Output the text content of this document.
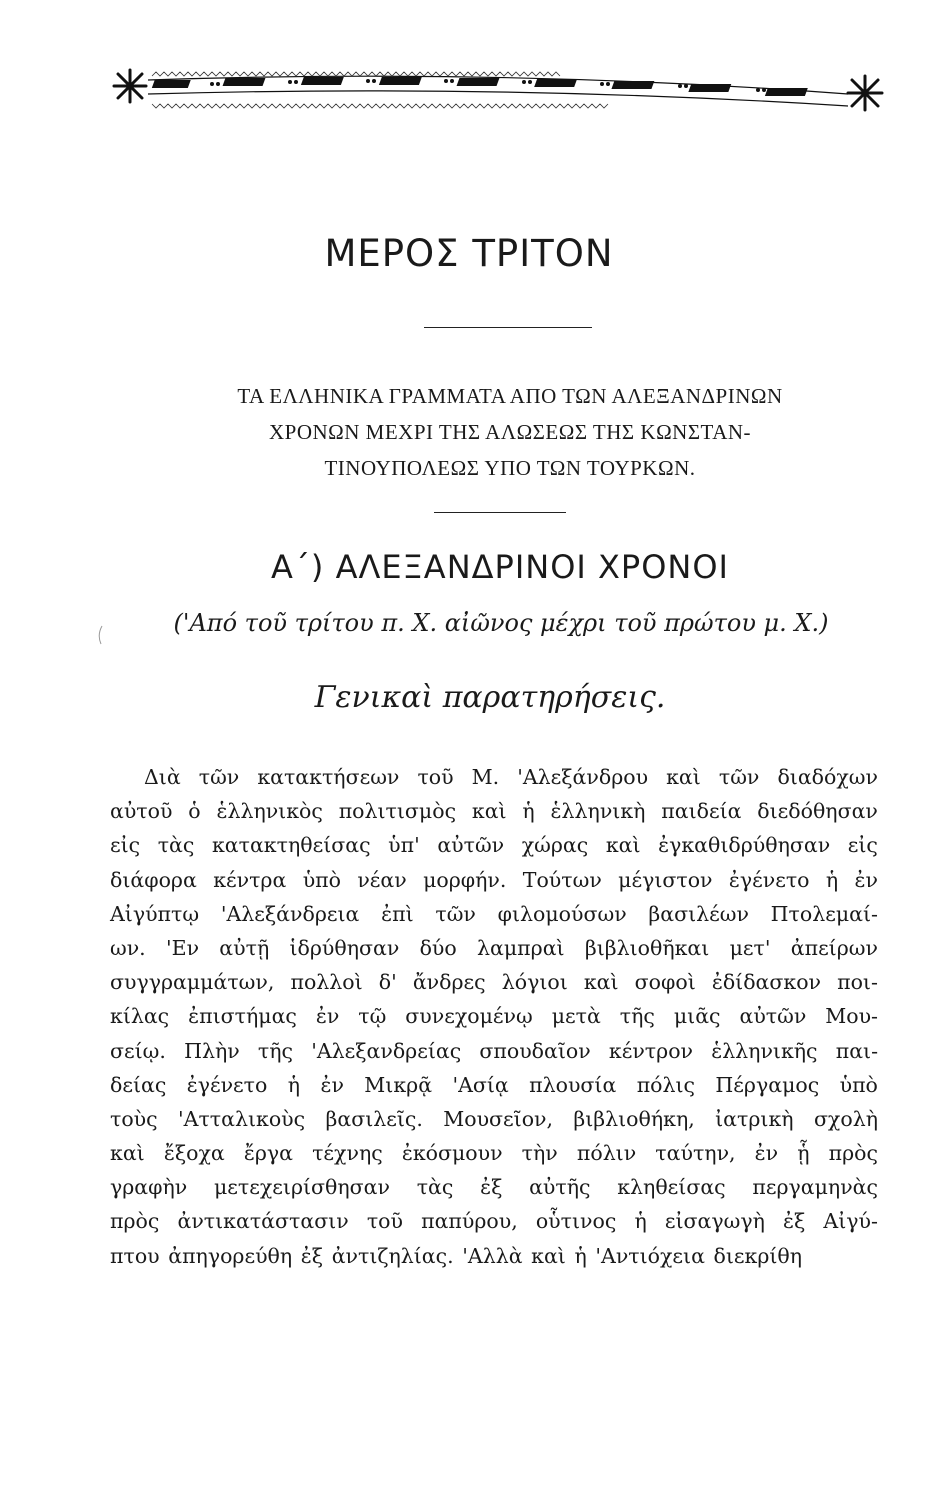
ΜΕΡΟΣ ΤΡΙΤΟΝ
ΤΑ ΕΛΛΗΝΙΚΑ ΓΡΑΜΜΑΤΑ ΑΠΟ ΤΩΝ ΑΛΕΞΑΝΔΡΙΝΩΝ
ΧΡΟΝΩΝ ΜΕΧΡΙ ΤΗΣ ΑΛΩΣΕΩΣ ΤΗΣ ΚΩΝΣΤΑΝ-
ΤΙΝΟΥΠΟΛΕΩΣ ΥΠΟ ΤΩΝ ΤΟΥΡΚΩΝ.
Α΄) ΑΛΕΞΑΝΔΡΙΝΟΙ ΧΡΟΝΟΙ
('Από τοῦ τρίτου π. Χ. αἰῶνος μέχρι τοῦ πρώτου μ. Χ.)
Γενικαὶ παρατηρήσεις.
Διὰ τῶν κατακτήσεων τοῦ Μ. 'Αλεξάνδρου καὶ τῶν διαδόχων
αὐτοῦ ὁ ἑλληνικὸς πολιτισμὸς καὶ ἡ ἑλληνικὴ παιδεία διεδόθησαν
εἰς τὰς κατακτηθείσας ὑπ' αὐτῶν χώρας καὶ ἐγκαθιδρύθησαν εἰς
διάφορα κέντρα ὑπὸ νέαν μορφήν. Τούτων μέγιστον ἐγένετο ἡ ἐν
Αἰγύπτῳ 'Αλεξάνδρεια ἐπὶ τῶν φιλομούσων βασιλέων Πτολεμαί-
ων. 'Εν αὐτῇ ἱδρύθησαν δύο λαμπραὶ βιβλιοθῆκαι μετ' ἀπείρων
συγγραμμάτων, πολλοὶ δ' ἄνδρες λόγιοι καὶ σοφοὶ ἐδίδασκον ποι-
κίλας ἐπιστήμας ἐν τῷ συνεχομένῳ μετὰ τῆς μιᾶς αὐτῶν Μου-
σείῳ. Πλὴν τῆς 'Αλεξανδρείας σπουδαῖον κέντρον ἑλληνικῆς παι-
δείας ἐγένετο ἡ ἐν Μικρᾷ 'Ασίᾳ πλουσία πόλις Πέργαμος ὑπὸ
τοὺς 'Ατταλικοὺς βασιλεῖς. Μουσεῖον, βιβλιοθήκη, ἰατρικὴ σχολὴ
καὶ ἔξοχα ἔργα τέχνης ἐκόσμουν τὴν πόλιν ταύτην, ἐν ᾗ πρὸς
γραφὴν μετεχειρίσθησαν τὰς ἐξ αὐτῆς κληθείσας περγαμηνὰς
πρὸς ἀντικατάστασιν τοῦ παπύρου, οὗτινος ἡ εἰσαγωγὴ ἐξ Αἰγύ-
πτου ἀπηγορεύθη ἐξ ἀντιζηλίας. 'Αλλὰ καὶ ἡ 'Αντιόχεια διεκρίθη
